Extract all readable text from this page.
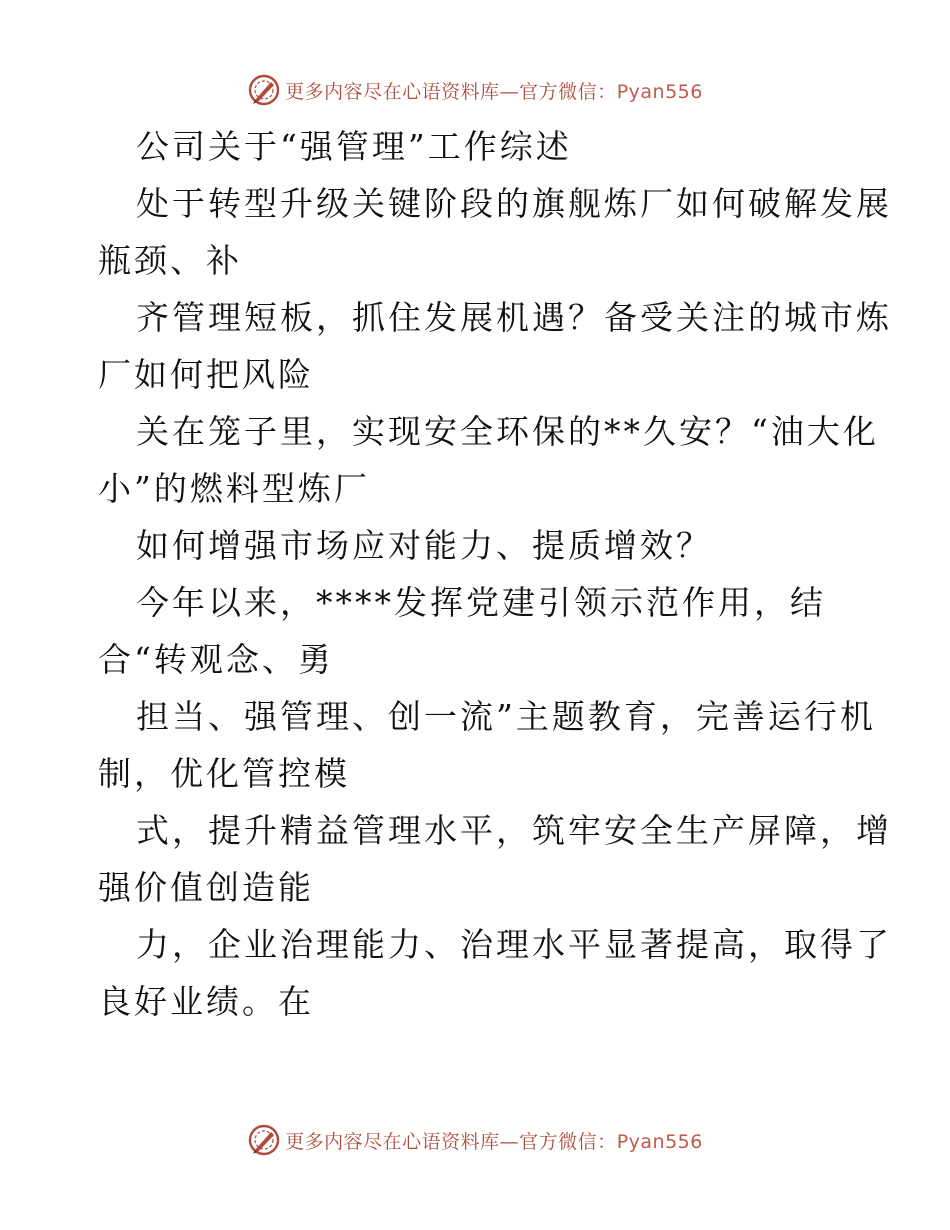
更多内容尽在心语资料库—官方微信：Pyan556
公司关于“强管理”工作综述
处于转型升级关键阶段的旗舰炼厂如何破解发展
瓶颈、补
齐管理短板，抓住发展机遇？备受关注的城市炼
厂如何把风险
关在笼子里，实现安全环保的**久安？“油大化
小”的燃料型炼厂
如何增强市场应对能力、提质增效？
今年以来，****发挥党建引领示范作用，结
合“转观念、勇
担当、强管理、创一流”主题教育，完善运行机
制，优化管控模
式，提升精益管理水平，筑牢安全生产屏障，增
强价值创造能
力，企业治理能力、治理水平显著提高，取得了
良好业绩。在
更多内容尽在心语资料库—官方微信：Pyan556
